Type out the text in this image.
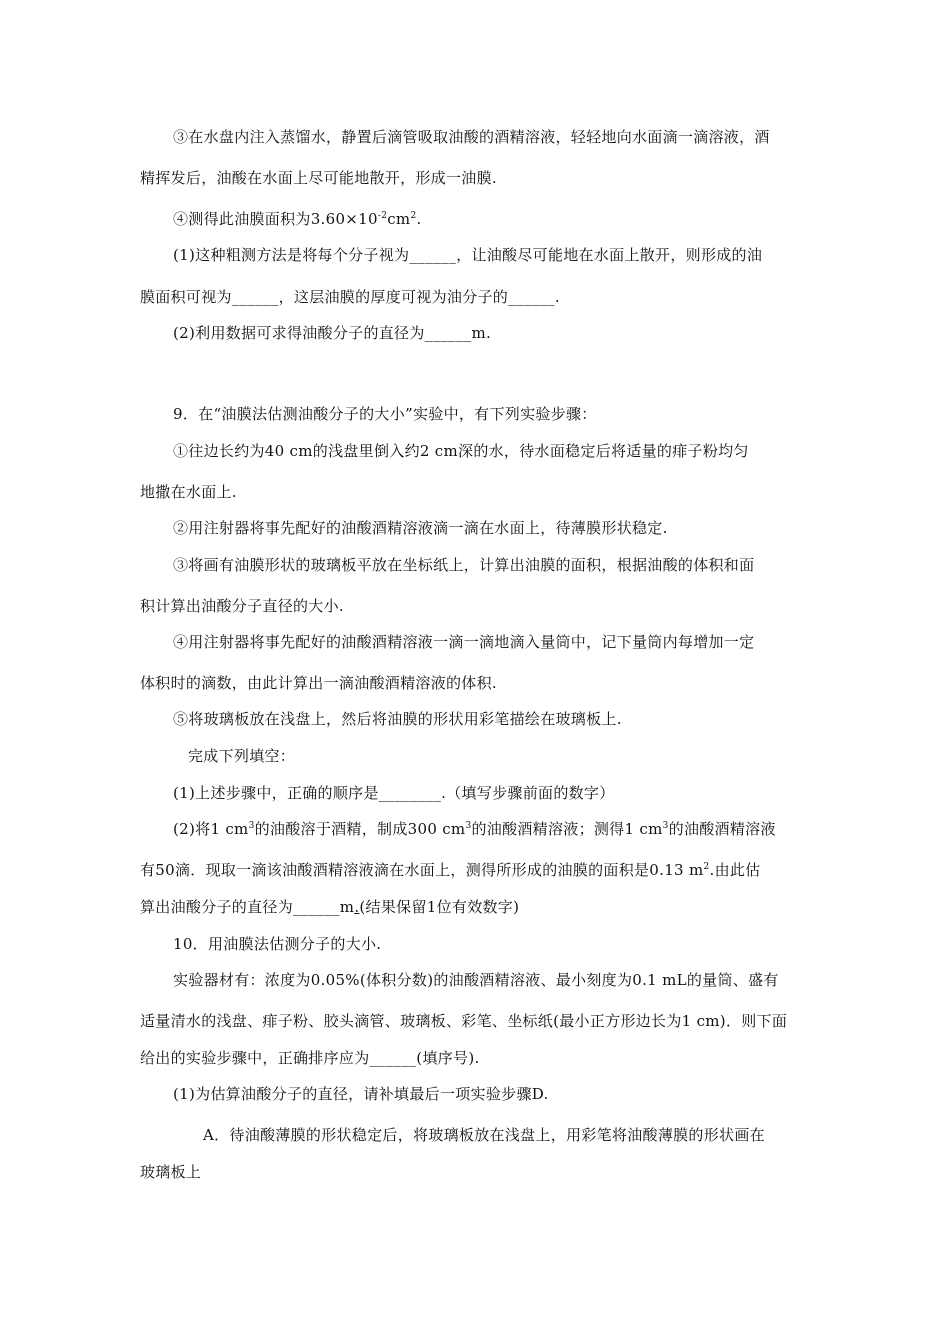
③在水盘内注入蒸馏水，静置后滴管吸取油酸的酒精溶液，轻轻地向水面滴一滴溶液，酒
精挥发后，油酸在水面上尽可能地散开，形成一油膜.
④测得此油膜面积为$3.60\times 10^{-2}cm^2$.
(1)这种粗测方法是将每个分子视为______，让油酸尽可能地在水面上散开，则形成的油
膜面积可视为______，这层油膜的厚度可视为油分子的______.
(2)利用数据可求得油酸分子的直径为______m.
9．在“油膜法估测油酸分子的大小”实验中，有下列实验步骤：
①往边长约为40 cm的浅盘里倒入约2 cm深的水，待水面稳定后将适量的痱子粉均匀
地撒在水面上.
②用注射器将事先配好的油酸酒精溶液滴一滴在水面上，待薄膜形状稳定.
③将画有油膜形状的玻璃板平放在坐标纸上，计算出油膜的面积，根据油酸的体积和面
积计算出油酸分子直径的大小.
④用注射器将事先配好的油酸酒精溶液一滴一滴地滴入量筒中，记下量筒内每增加一定
体积时的滴数，由此计算出一滴油酸酒精溶液的体积.
⑤将玻璃板放在浅盘上，然后将油膜的形状用彩笔描绘在玻璃板上.
完成下列填空：
(1)上述步骤中，正确的顺序是________.（填写步骤前面的数字）
(2)将1 $cm^3$的油酸溶于酒精，制成300 $cm^3$的油酸酒精溶液；测得1 $cm^3$的油酸酒精溶液
有50滴．现取一滴该油酸酒精溶液滴在水面上，测得所形成的油膜的面积是0.13 $m^2$.由此估
算出油酸分子的直径为______m.(结果保留1位有效数字)
10．用油膜法估测分子的大小.
实验器材有：浓度为0.05%(体积分数)的油酸酒精溶液、最小刻度为0.1 mL的量筒、盛有
适量清水的浅盘、痱子粉、胶头滴管、玻璃板、彩笔、坐标纸(最小正方形边长为1 cm)．则下面
给出的实验步骤中，正确排序应为______(填序号).
(1)为估算油酸分子的直径，请补填最后一项实验步骤D.
A．待油酸薄膜的形状稳定后，将玻璃板放在浅盘上，用彩笔将油酸薄膜的形状画在
玻璃板上
